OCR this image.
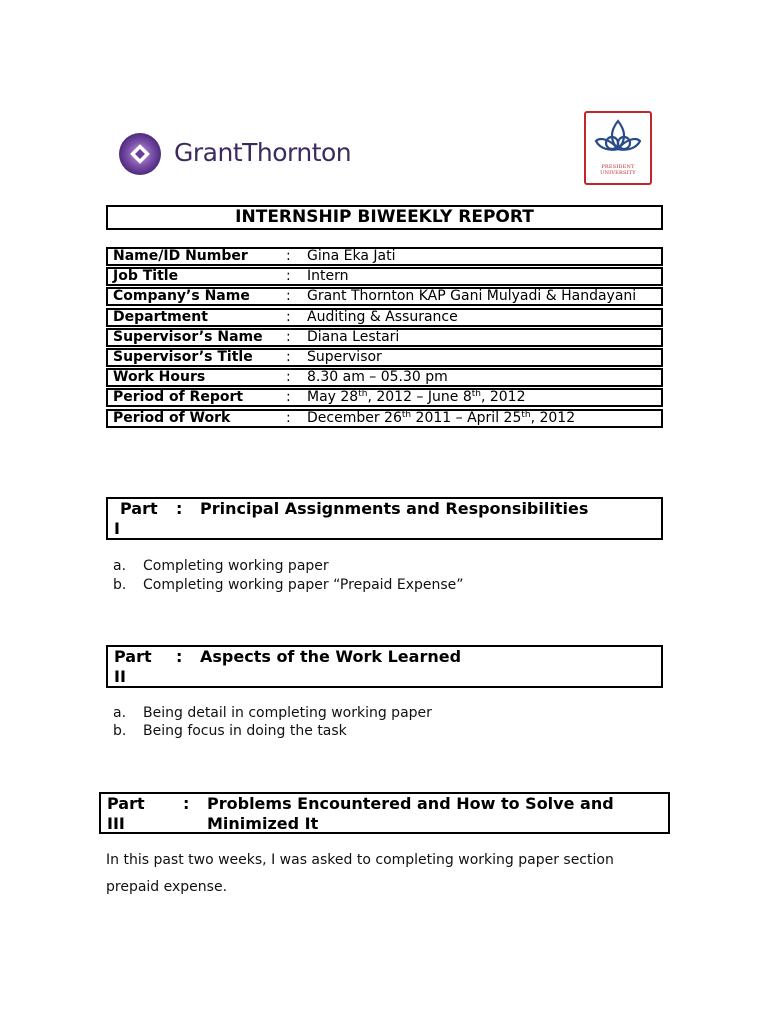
GrantThornton	PRESIDENT
UNIVERSITY
INTERNSHIP BIWEEKLY REPORT
Name/ID Number	: Gina Eka Jati
Job Title	: Intern
Company’s Name	: Grant Thornton KAP Gani Mulyadi & Handayani
Department	: Auditing & Assurance
Supervisor’s Name : Diana Lestari
Supervisor’s Title : Supervisor
Work Hours	: 8.30 am – 05.30 pm
Period of Report	: May 28th, 2012 – June 8th, 2012
Period of Work	: December 26th 2011 – April 25th, 2012
Part
I
: Principal Assignments and Responsibilities
a. Completing working paper
b. Completing working paper “Prepaid Expense”
Part
II
: Aspects of the Work Learned
a. Being detail in completing working paper
b. Being focus in doing the task
Part
III
: Problems Encountered and How to Solve and
Minimized It
In this past two weeks, I was asked to completing working paper section prepaid expense.
